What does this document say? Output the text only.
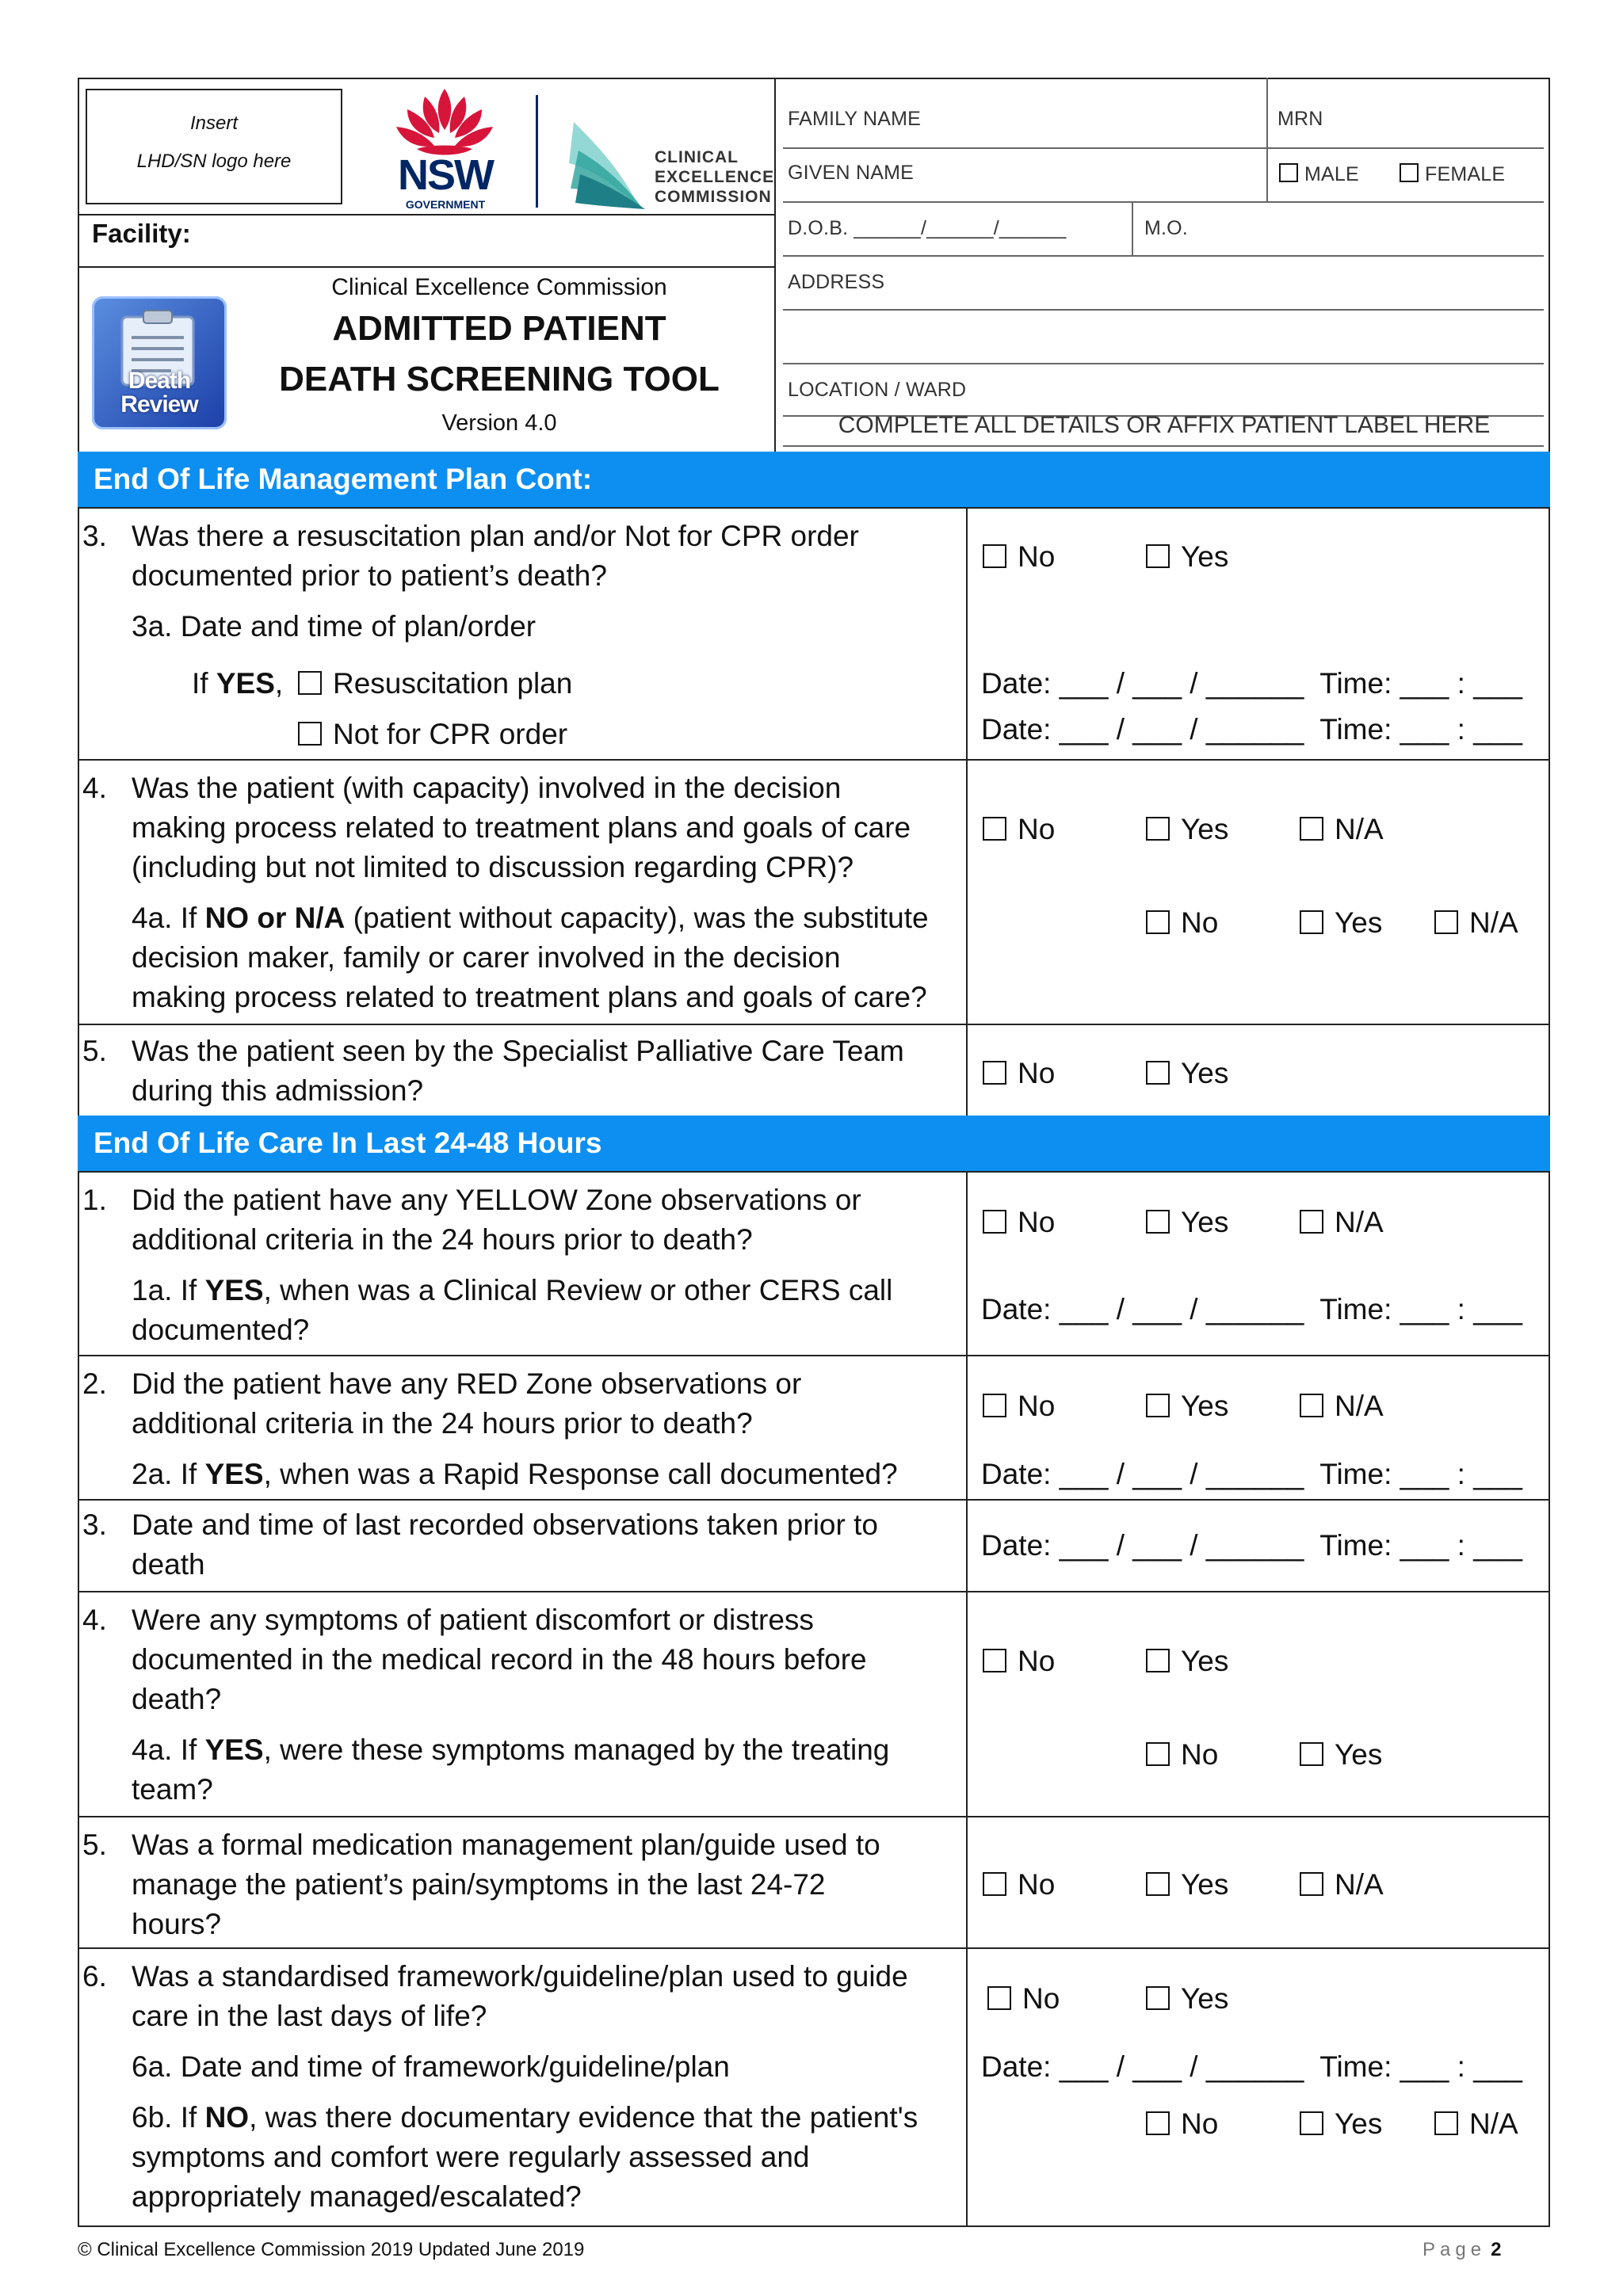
Insert
LHD/SN logo here	NSW
GOVERNMENT
CLINICAL
EXCELLENCE
COMMISSION
Facility:
Death
Review
Clinical Excellence Commission
ADMITTED PATIENT
DEATH SCREENING TOOL
Version 4.0
FAMILY NAME	MRN
GIVEN NAME	MALE	FEMALE
D.O.B. ______/______/______	M.O.
ADDRESS
LOCATION / WARD
COMPLETE ALL DETAILS OR AFFIX PATIENT LABEL HERE
End Of Life Management Plan Cont:
3. Was there a resuscitation plan and/or Not for CPR order
documented prior to patient’s death?
3a. Date and time of plan/order
If YES,	Resuscitation plan
Not for CPR order
No	Yes
Date: ___ / ___ / ______  Time: ___ : ___
Date: ___ / ___ / ______  Time: ___ : ___
4. Was the patient (with capacity) involved in the decision
making process related to treatment plans and goals of care
(including but not limited to discussion regarding CPR)?
4a. If NO or N/A (patient without capacity), was the substitute
decision maker, family or carer involved in the decision
making process related to treatment plans and goals of care?
No	Yes	N/A
No	Yes	N/A
5. Was the patient seen by the Specialist Palliative Care Team
during this admission?
No	Yes
End Of Life Care In Last 24-48 Hours
1. Did the patient have any YELLOW Zone observations or
additional criteria in the 24 hours prior to death?
1a. If YES, when was a Clinical Review or other CERS call
documented?
No	Yes	N/A
Date: ___ / ___ / ______  Time: ___ : ___
2. Did the patient have any RED Zone observations or
additional criteria in the 24 hours prior to death?
2a. If YES, when was a Rapid Response call documented?
No	Yes	N/A
Date: ___ / ___ / ______  Time: ___ : ___
3. Date and time of last recorded observations taken prior to
death
Date: ___ / ___ / ______  Time: ___ : ___
4. Were any symptoms of patient discomfort or distress
documented in the medical record in the 48 hours before
death?
4a. If YES, were these symptoms managed by the treating
team?
No	Yes
No	Yes
5. Was a formal medication management plan/guide used to
manage the patient’s pain/symptoms in the last 24-72
hours?
No	Yes	N/A
6. Was a standardised framework/guideline/plan used to guide
care in the last days of life?
6a. Date and time of framework/guideline/plan
6b. If NO, was there documentary evidence that the patient's
symptoms and comfort were regularly assessed and
appropriately managed/escalated?
No	Yes
Date: ___ / ___ / ______  Time: ___ : ___
No	Yes	N/A
© Clinical Excellence Commission 2019 Updated June 2019	Page 2
